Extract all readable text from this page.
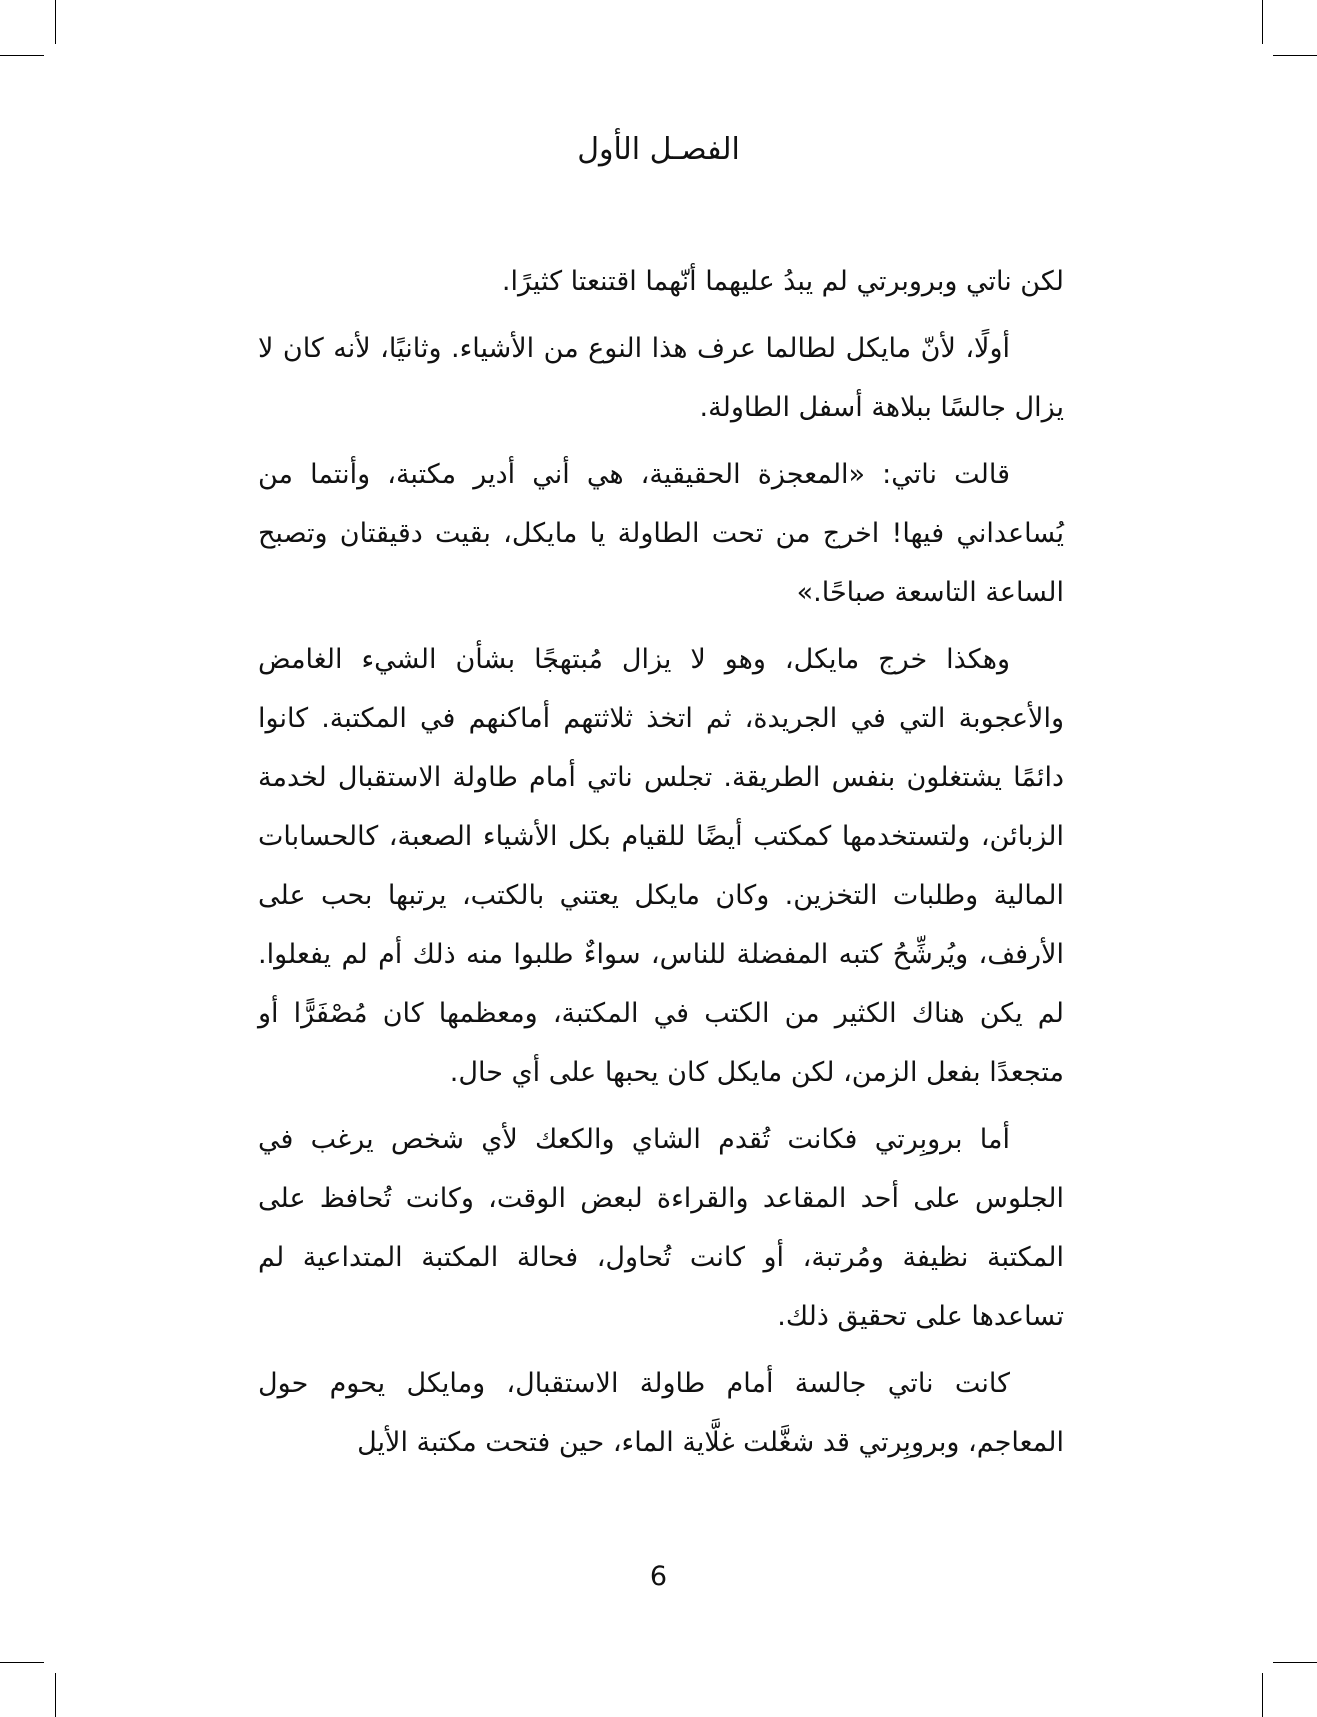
الفصـل الأول

لكن ناتي وبروبرتي لم يبدُ عليهما أنّهما اقتنعتا كثيرًا.

أولًا، لأنّ مايكل لطالما عرف هذا النوع من الأشياء. وثانيًا، لأنه كان لا يزال جالسًا ببلاهة أسفل الطاولة.

قالت ناتي: «المعجزة الحقيقية، هي أني أدير مكتبة، وأنتما من يُساعداني فيها! اخرج من تحت الطاولة يا مايكل، بقيت دقيقتان وتصبح الساعة التاسعة صباحًا.»

وهكذا خرج مايكل، وهو لا يزال مُبتهجًا بشأن الشيء الغامض والأعجوبة التي في الجريدة، ثم اتخذ ثلاثتهم أماكنهم في المكتبة. كانوا دائمًا يشتغلون بنفس الطريقة. تجلس ناتي أمام طاولة الاستقبال لخدمة الزبائن، ولتستخدمها كمكتب أيضًا للقيام بكل الأشياء الصعبة، كالحسابات المالية وطلبات التخزين. وكان مايكل يعتني بالكتب، يرتبها بحب على الأرفف، ويُرشِّحُ كتبه المفضلة للناس، سواءٌ طلبوا منه ذلك أم لم يفعلوا. لم يكن هناك الكثير من الكتب في المكتبة، ومعظمها كان مُصْفَرًّا أو متجعدًا بفعل الزمن، لكن مايكل كان يحبها على أي حال.

أما بروبِرتي فكانت تُقدم الشاي والكعك لأي شخص يرغب في الجلوس على أحد المقاعد والقراءة لبعض الوقت، وكانت تُحافظ على المكتبة نظيفة ومُرتبة، أو كانت تُحاول، فحالة المكتبة المتداعية لم تساعدها على تحقيق ذلك.

كانت ناتي جالسة أمام طاولة الاستقبال، ومايكل يحوم حول المعاجم، وبروبِرتي قد شغَّلت غلَّاية الماء، حين فتحت مكتبة الأيل

6
